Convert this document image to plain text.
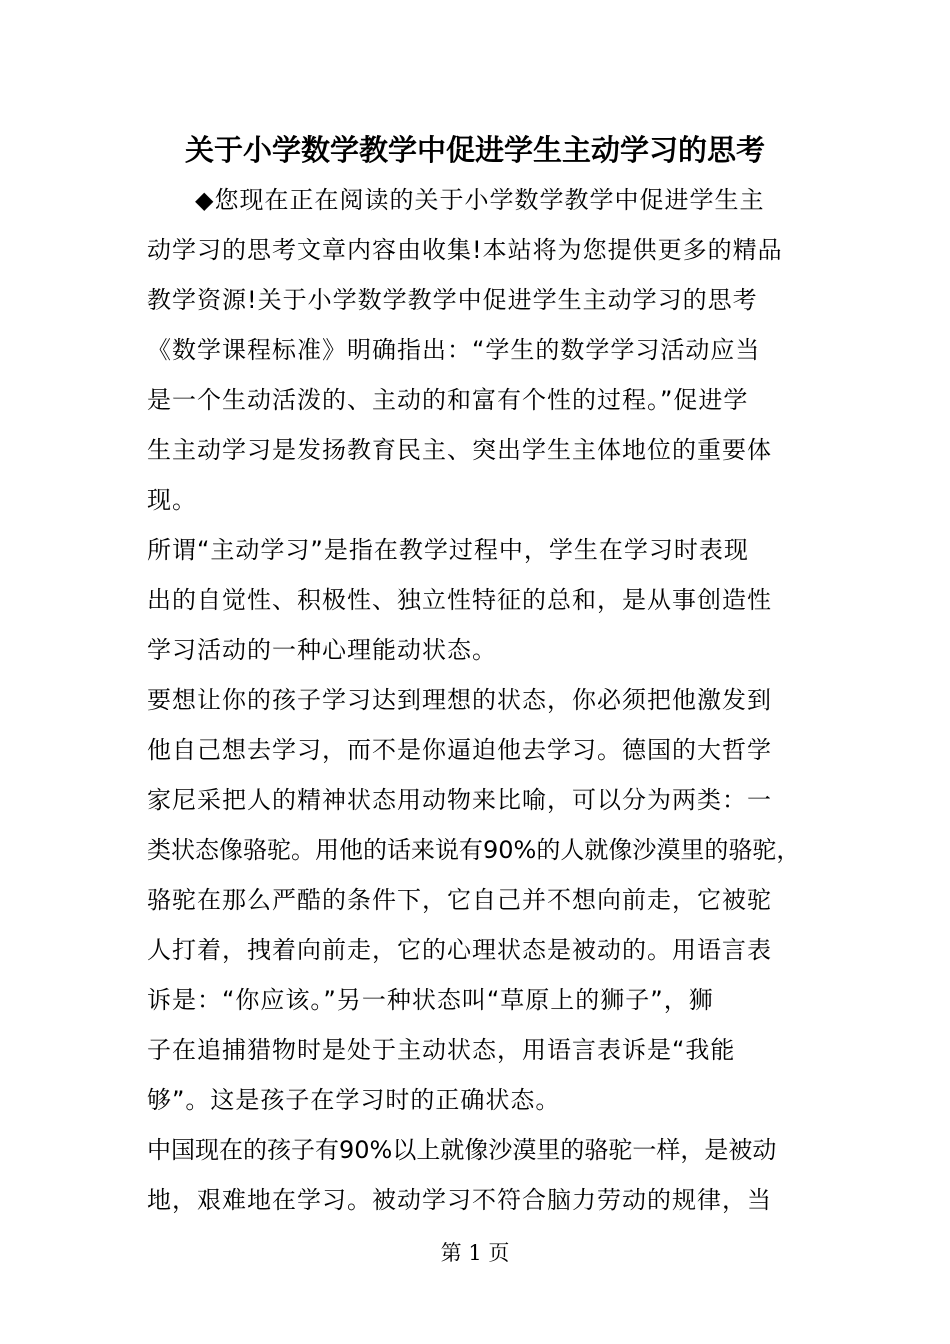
关于小学数学教学中促进学生主动学习的思考
◆您现在正在阅读的关于小学数学教学中促进学生主
动学习的思考文章内容由收集!本站将为您提供更多的精品
教学资源!关于小学数学教学中促进学生主动学习的思考
《数学课程标准》明确指出：“学生的数学学习活动应当
是一个生动活泼的、主动的和富有个性的过程。”促进学
生主动学习是发扬教育民主、突出学生主体地位的重要体
现。
所谓“主动学习”是指在教学过程中，学生在学习时表现
出的自觉性、积极性、独立性特征的总和，是从事创造性
学习活动的一种心理能动状态。
要想让你的孩子学习达到理想的状态，你必须把他激发到
他自己想去学习，而不是你逼迫他去学习。德国的大哲学
家尼采把人的精神状态用动物来比喻，可以分为两类：一
类状态像骆驼。用他的话来说有90%的人就像沙漠里的骆驼，
骆驼在那么严酷的条件下，它自己并不想向前走，它被驼
人打着，拽着向前走，它的心理状态是被动的。用语言表
诉是：“你应该。”另一种状态叫“草原上的狮子”，狮
子在追捕猎物时是处于主动状态，用语言表诉是“我能
够”。这是孩子在学习时的正确状态。
中国现在的孩子有90%以上就像沙漠里的骆驼一样，是被动
地，艰难地在学习。被动学习不符合脑力劳动的规律，当
第 1 页
